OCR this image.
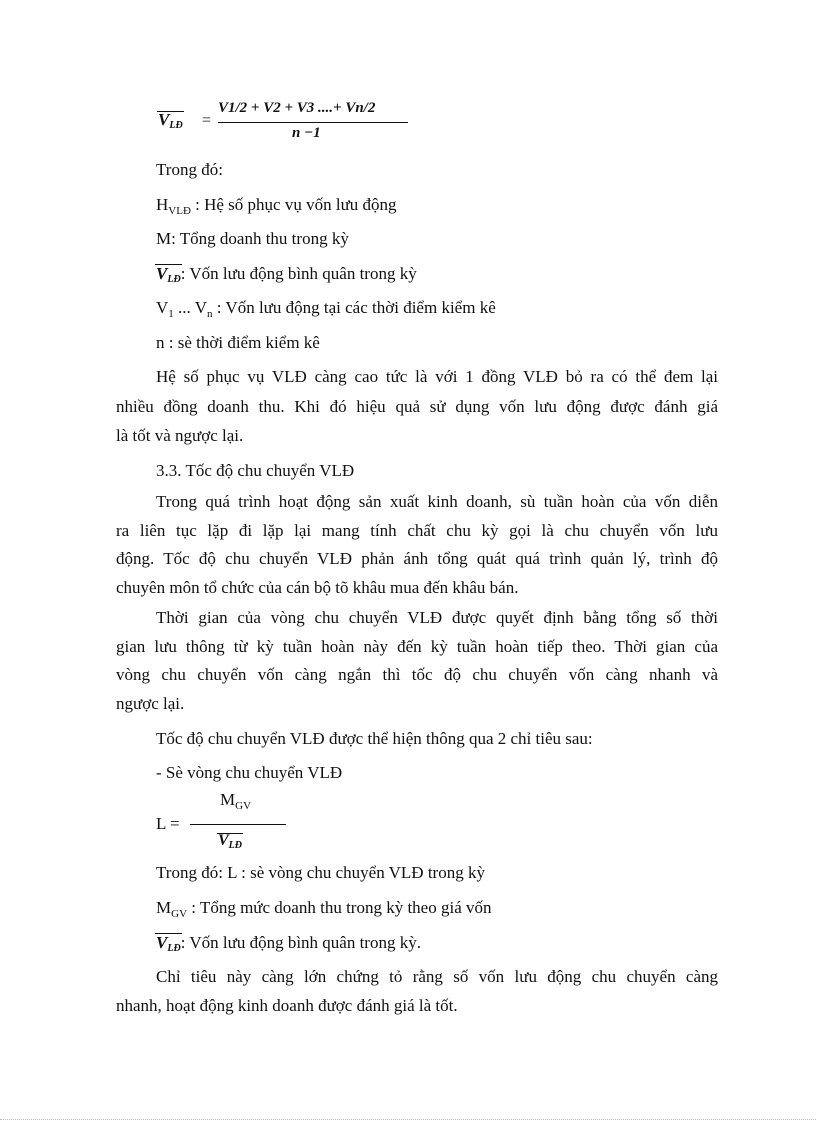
$V_{LĐ}$ =
V1/2 + V2 + V3 ....+ Vn/2
n −1
Trong đó:
$H_{VLĐ}$ : Hệ số phục vụ vốn lưu động
M: Tổng doanh thu trong kỳ
$V_{LĐ}$: Vốn lưu động bình quân trong kỳ
$V_1$ ... $V_n$ : Vốn lưu động tại các thời điểm kiểm kê
n : sè thời điểm kiểm kê
Hệ số phục vụ VLĐ càng cao tức là với 1 đồng VLĐ bỏ ra có thể đem lại
nhiều đồng doanh thu. Khi đó hiệu quả sử dụng vốn lưu động được đánh giá
là tốt và ngược lại.
3.3. Tốc độ chu chuyển VLĐ
Trong quá trình hoạt động sản xuất kinh doanh, sù tuần hoàn của vốn diễn
ra liên tục lặp đi lặp lại mang tính chất chu kỳ gọi là chu chuyển vốn lưu
động. Tốc độ chu chuyển VLĐ phản ánh tổng quát quá trình quản lý, trình độ
chuyên môn tổ chức của cán bộ tõ khâu mua đến khâu bán.
Thời gian của vòng chu chuyển VLĐ được quyết định bằng tổng số thời
gian lưu thông từ kỳ tuần hoàn này đến kỳ tuần hoàn tiếp theo. Thời gian của
vòng chu chuyển vốn càng ngắn thì tốc độ chu chuyển vốn càng nhanh và
ngược lại.
Tốc độ chu chuyển VLĐ được thể hiện thông qua 2 chỉ tiêu sau:
- Sè vòng chu chuyển VLĐ
$M_{GV}$
L =
$V_{LĐ}$
Trong đó: L : sè vòng chu chuyển VLĐ trong kỳ
$M_{GV}$ : Tổng mức doanh thu trong kỳ theo giá vốn
$V_{LĐ}$: Vốn lưu động bình quân trong kỳ.
Chỉ tiêu này càng lớn chứng tỏ rằng số vốn lưu động chu chuyển càng
nhanh, hoạt động kinh doanh được đánh giá là tốt.
